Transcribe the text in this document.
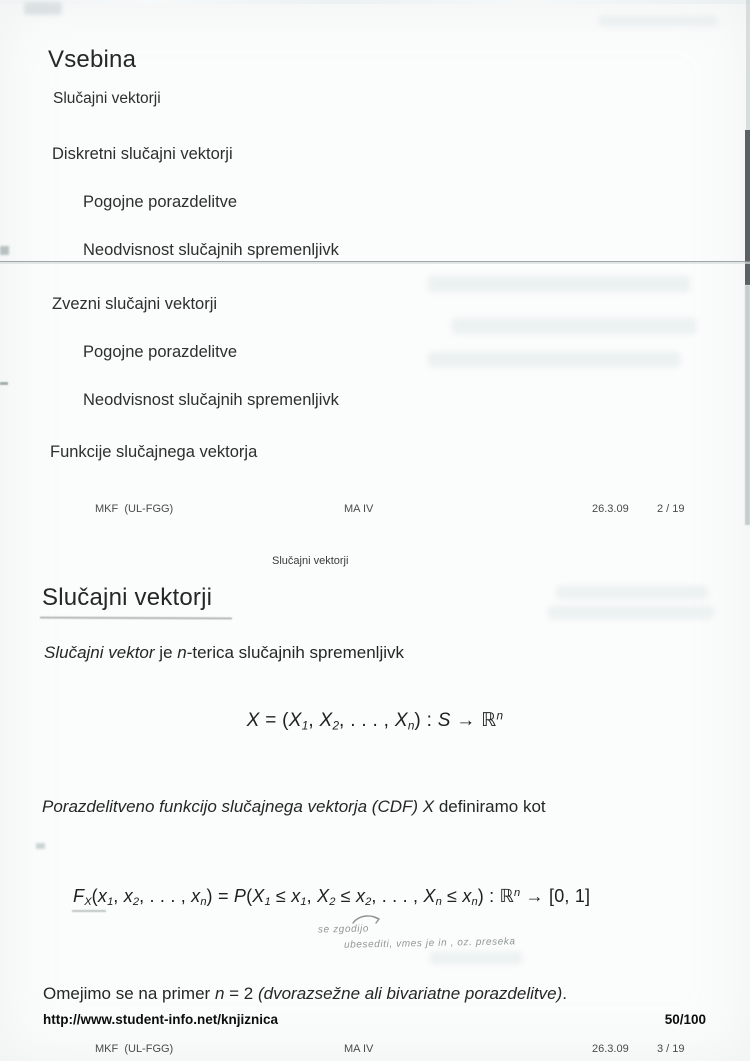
Vsebina
Slučajni vektorji
Diskretni slučajni vektorji
Pogojne porazdelitve
Neodvisnost slučajnih spremenljivk
Zvezni slučajni vektorji
Pogojne porazdelitve
Neodvisnost slučajnih spremenljivk
Funkcije slučajnega vektorja
MKF  (UL-FGG)	MA IV	26.3.09	2 / 19
Slučajni vektorji
Slučajni vektorji
Slučajni vektor je n-terica slučajnih spremenljivk
X = (X1, X2, . . . , Xn) : S → ℝ$^n$
Porazdelitveno funkcijo slučajnega vektorja (CDF) X definiramo kot
FX(x1, x2, . . . , xn) = P(X1 ≤ x1, X2 ≤ x2, . . . , Xn ≤ xn) : ℝ$^n$ → [0, 1]
se zgodijo
ubesediti, vmes je in , oz. preseka
Omejimo se na primer n = 2 (dvorazsežne ali bivariatne porazdelitve).
http://www.student-info.net/knjiznica	50/100
MKF  (UL-FGG)	MA IV	26.3.09	3 / 19
